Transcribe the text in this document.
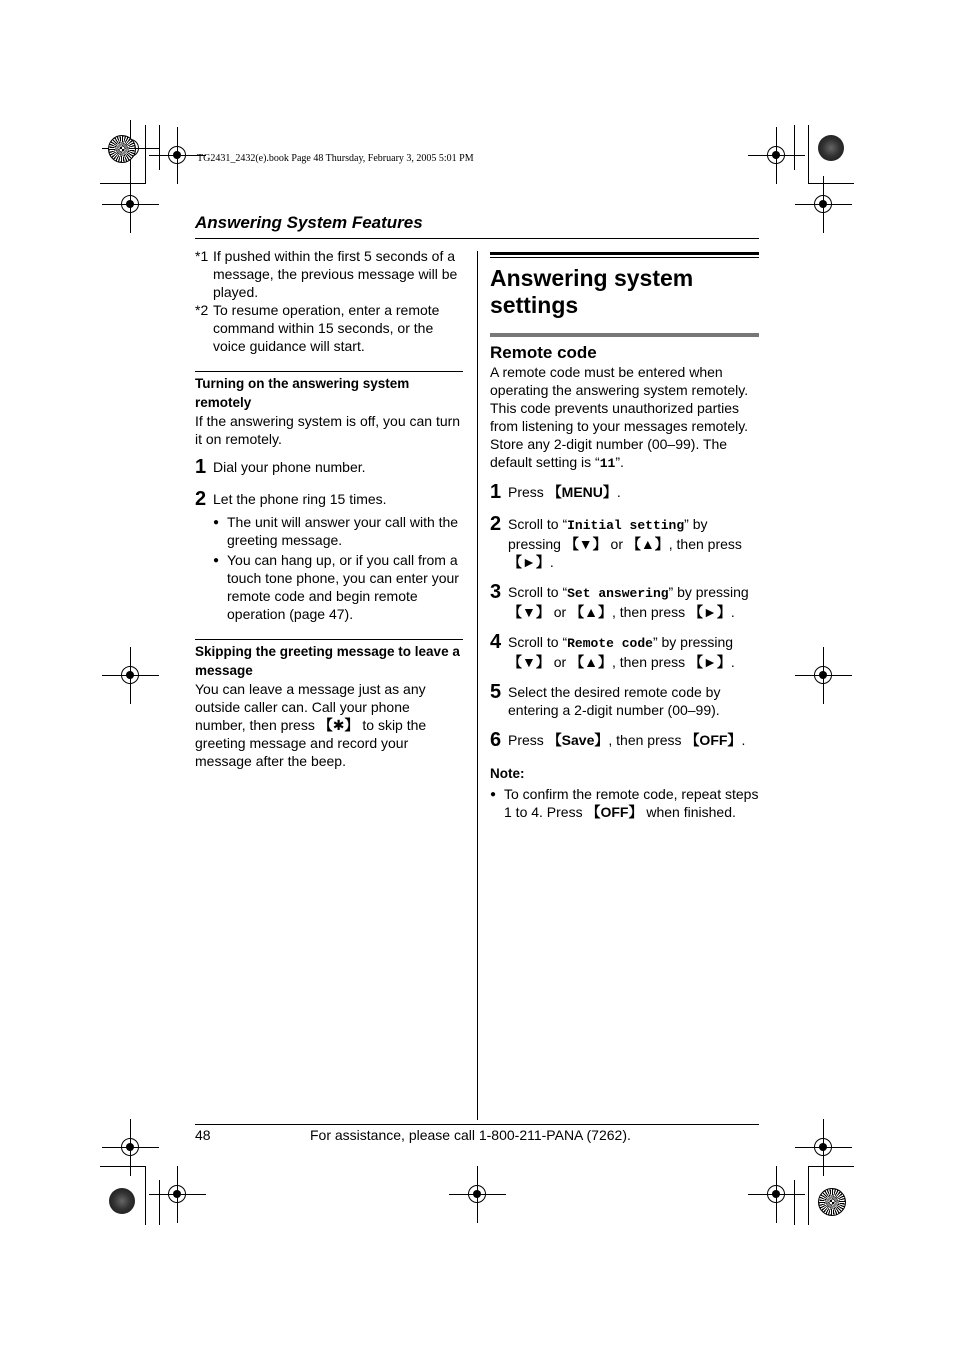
TG2431_2432(e).book Page 48 Thursday, February 3, 2005 5:01 PM
Answering System Features
48	For assistance, please call 1-800-211-PANA (7262).
*1 If pushed within the first 5 seconds of a message, the previous message will be played.
*2 To resume operation, enter a remote command within 15 seconds, or the voice guidance will start.
Turning on the answering system remotely
If the answering system is off, you can turn it on remotely.
1 Dial your phone number.
2 Let the phone ring 15 times.
● The unit will answer your call with the greeting message.
● You can hang up, or if you call from a touch tone phone, you can enter your remote code and begin remote operation (page 47).
Skipping the greeting message to leave a message
You can leave a message just as any outside caller can. Call your phone number, then press 【✱】 to skip the greeting message and record your message after the beep.
Answering system settings
Remote code
A remote code must be entered when operating the answering system remotely. This code prevents unauthorized parties from listening to your messages remotely. Store any 2-digit number (00–99). The default setting is “11”.
1 Press 【MENU】.
2 Scroll to “Initial setting” by pressing 【▼】 or 【▲】, then press 【►】.
3 Scroll to “Set answering” by pressing 【▼】 or 【▲】, then press 【►】.
4 Scroll to “Remote code” by pressing 【▼】 or 【▲】, then press 【►】.
5 Select the desired remote code by entering a 2-digit number (00–99).
6 Press 【Save】, then press 【OFF】.
Note:
● To confirm the remote code, repeat steps 1 to 4. Press 【OFF】 when finished.
